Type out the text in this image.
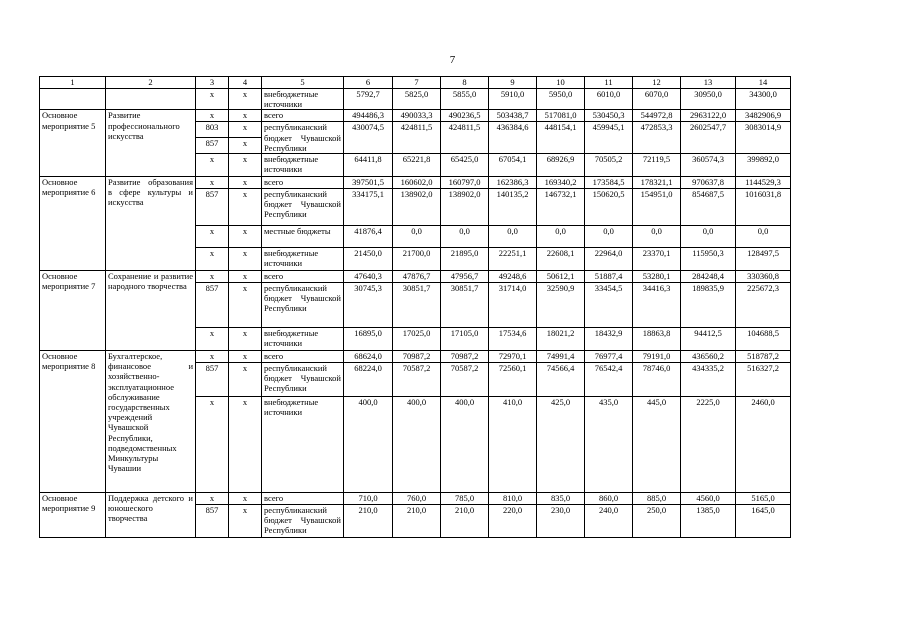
7
1	2	3	4	5	6	7	8	9	10	11	12	13	14
		x	x	внебюджетные источники	5792,7	5825,0	5855,0	5910,0	5950,0	6010,0	6070,0	30950,0	34300,0
Основное мероприятие 5	Развитие профессионального искусства	x	x	всего	494486,3	490033,3	490236,5	503438,7	517081,0	530450,3	544972,8	2963122,0	3482906,9
		803	x	республиканский бюджет Чувашской Республики	430074,5	424811,5	424811,5	436384,6	448154,1	459945,1	472853,3	2602547,7	3083014,9
		857	x										
		x	x	внебюджетные источники	64411,8	65221,8	65425,0	67054,1	68926,9	70505,2	72119,5	360574,3	399892,0
Основное мероприятие 6	Развитие образования в сфере культуры и искусства	x	x	всего	397501,5	160602,0	160797,0	162386,3	169340,2	173584,5	178321,1	970637,8	1144529,3
		857	x	республиканский бюджет Чувашской Республики	334175,1	138902,0	138902,0	140135,2	146732,1	150620,5	154951,0	854687,5	1016031,8
		x	x	местные бюджеты	41876,4	0,0	0,0	0,0	0,0	0,0	0,0	0,0	0,0
		x	x	внебюджетные источники	21450,0	21700,0	21895,0	22251,1	22608,1	22964,0	23370,1	115950,3	128497,5
Основное мероприятие 7	Сохранение и развитие народного творчества	x	x	всего	47640,3	47876,7	47956,7	49248,6	50612,1	51887,4	53280,1	284248,4	330360,8
		857	x	республиканский бюджет Чувашской Республики	30745,3	30851,7	30851,7	31714,0	32590,9	33454,5	34416,3	189835,9	225672,3
		x	x	внебюджетные источники	16895,0	17025,0	17105,0	17534,6	18021,2	18432,9	18863,8	94412,5	104688,5
Основное мероприятие 8	Бухгалтерское, финансовое и хозяйственно-эксплуатационное обслуживание государственных учреждений Чувашской Республики, подведомственных Минкультуры Чувашии	x	x	всего	68624,0	70987,2	70987,2	72970,1	74991,4	76977,4	79191,0	436560,2	518787,2
		857	x	республиканский бюджет Чувашской Республики	68224,0	70587,2	70587,2	72560,1	74566,4	76542,4	78746,0	434335,2	516327,2
		x	x	внебюджетные источники	400,0	400,0	400,0	410,0	425,0	435,0	445,0	2225,0	2460,0
Основное мероприятие 9	Поддержка детского и юношеского творчества	x	x	всего	710,0	760,0	785,0	810,0	835,0	860,0	885,0	4560,0	5165,0
		857	x	республиканский бюджет Чувашской Республики	210,0	210,0	210,0	220,0	230,0	240,0	250,0	1385,0	1645,0
